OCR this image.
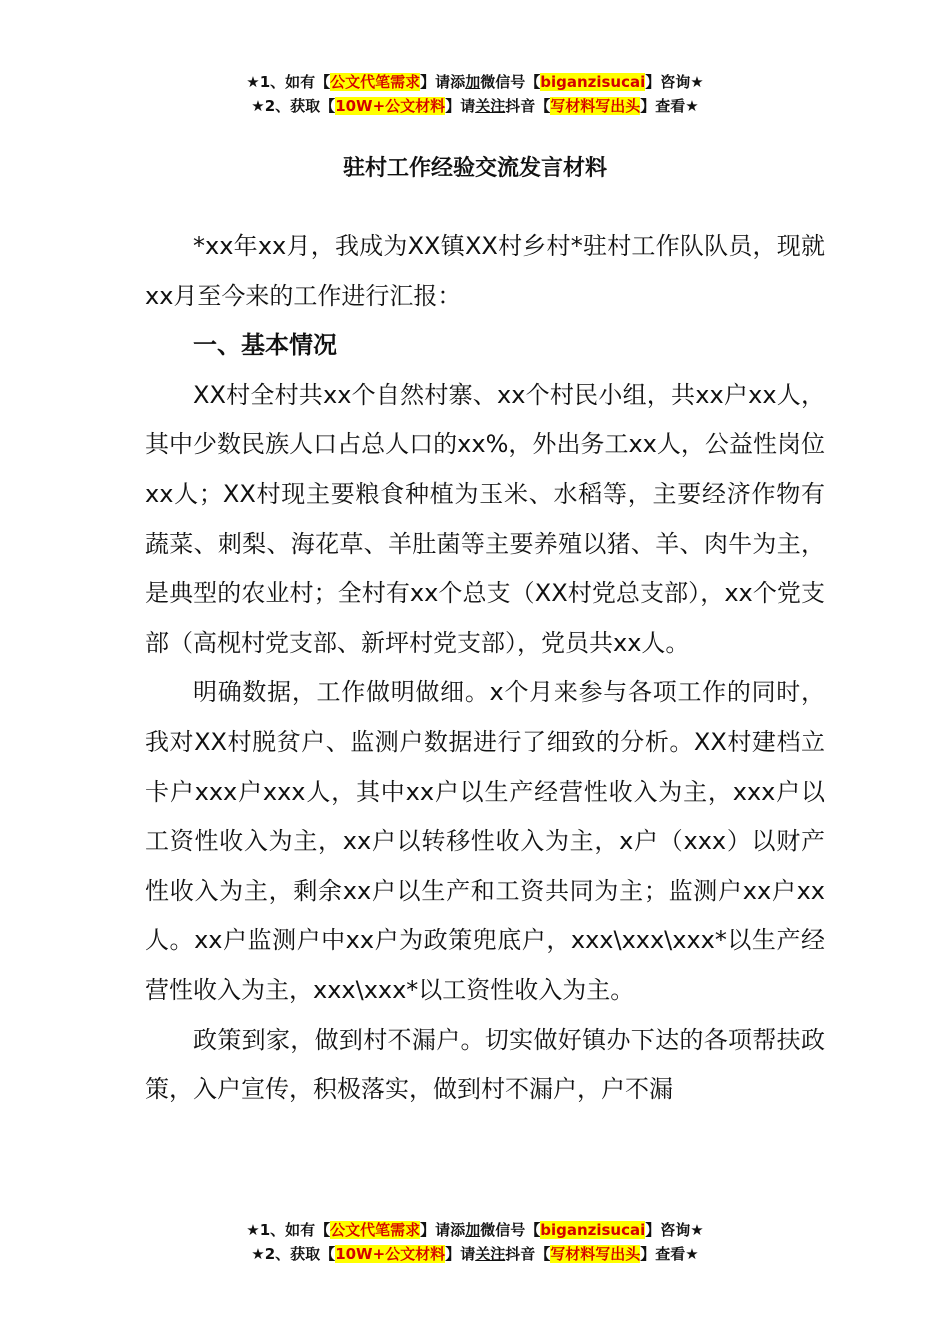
★1、如有【公文代笔需求】请添加微信号【biganzisucai】咨询★
★2、获取【10W+公文材料】请关注抖音【写材料写出头】查看★
驻村工作经验交流发言材料

*xx年xx月，我成为XX镇XX村乡村*驻村工作队队员，现就xx月至今来的工作进行汇报：

一、基本情况

XX村全村共xx个自然村寨、xx个村民小组，共xx户xx人，其中少数民族人口占总人口的xx%，外出务工xx人，公益性岗位xx人；XX村现主要粮食种植为玉米、水稻等，主要经济作物有蔬菜、刺梨、海花草、羊肚菌等主要养殖以猪、羊、肉牛为主，是典型的农业村；全村有xx个总支（XX村党总支部），xx个党支部（高枧村党支部、新坪村党支部），党员共xx人。

明确数据，工作做明做细。x个月来参与各项工作的同时，我对XX村脱贫户、监测户数据进行了细致的分析。XX村建档立卡户xxx户xxx人，其中xx户以生产经营性收入为主，xxx户以工资性收入为主，xx户以转移性收入为主，x户（xxx）以财产性收入为主，剩余xx户以生产和工资共同为主；监测户xx户xx人。xx户监测户中xx户为政策兜底户，xxx\xxx\xxx*以生产经营性收入为主，xxx\xxx*以工资性收入为主。

政策到家，做到村不漏户。切实做好镇办下达的各项帮扶政策，入户宣传，积极落实，做到村不漏户，户不漏

★1、如有【公文代笔需求】请添加微信号【biganzisucai】咨询★
★2、获取【10W+公文材料】请关注抖音【写材料写出头】查看★
